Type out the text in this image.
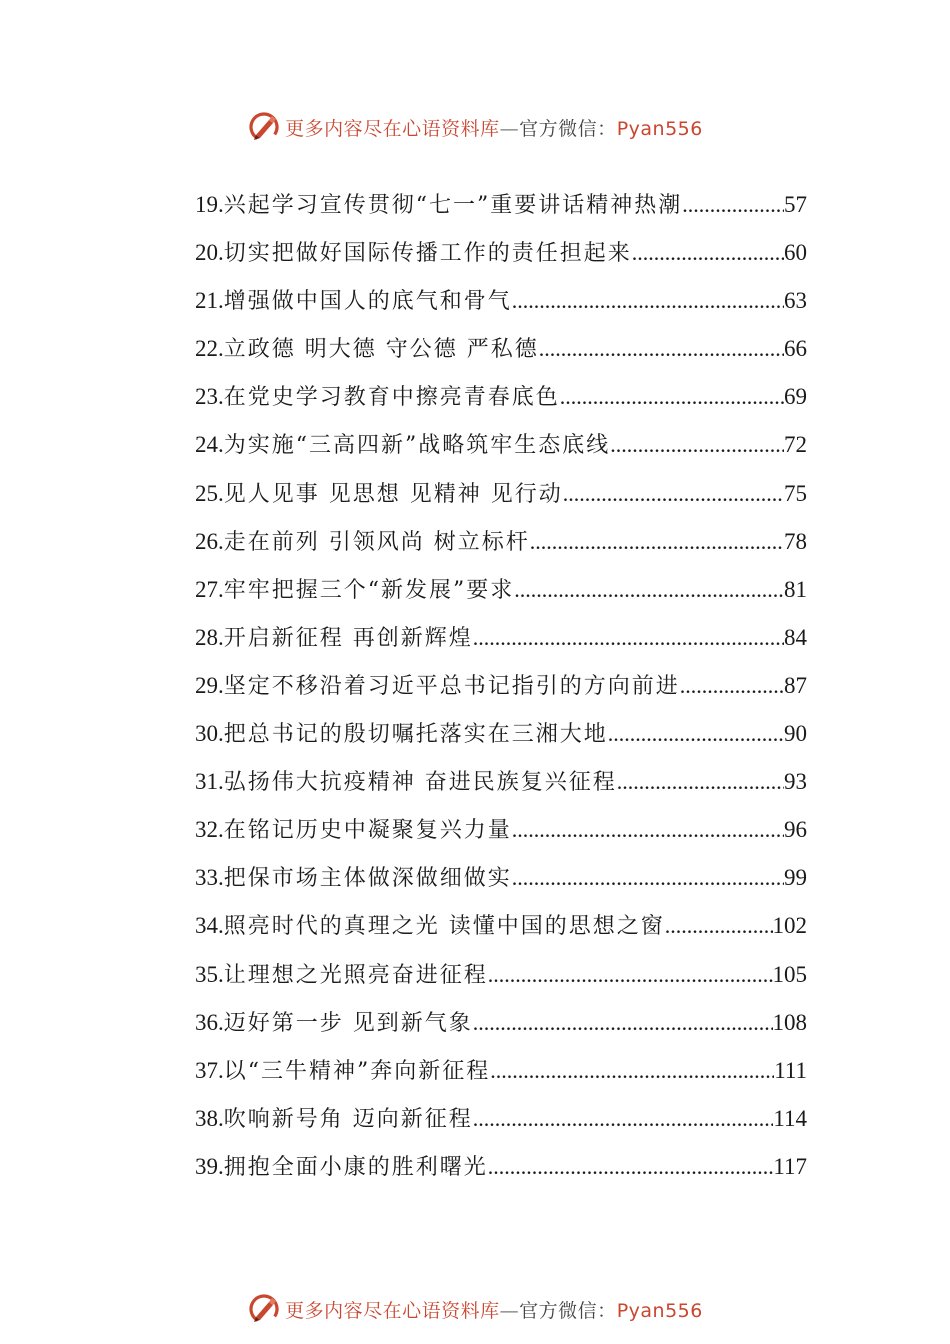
更多内容尽在心语资料库—官方微信：Pyan556
19. 兴起学习宣传贯彻“七一”重要讲话精神热潮 .....	57
20. 切实把做好国际传播工作的责任担起来 .....	60
21. 增强做中国人的底气和骨气 .....	63
22. 立政德 明大德 守公德 严私德 .....	66
23. 在党史学习教育中擦亮青春底色 .....	69
24. 为实施“三高四新”战略筑牢生态底线 .....	72
25. 见人见事 见思想 见精神 见行动 .....	75
26. 走在前列 引领风尚 树立标杆 .....	78
27. 牢牢把握三个“新发展”要求 .....	81
28. 开启新征程 再创新辉煌 .....	84
29. 坚定不移沿着习近平总书记指引的方向前进 .....	87
30. 把总书记的殷切嘱托落实在三湘大地 .....	90
31. 弘扬伟大抗疫精神 奋进民族复兴征程 .....	93
32. 在铭记历史中凝聚复兴力量 .....	96
33. 把保市场主体做深做细做实 .....	99
34. 照亮时代的真理之光 读懂中国的思想之窗 .....	102
35. 让理想之光照亮奋进征程 .....	105
36. 迈好第一步 见到新气象 .....	108
37. 以“三牛精神”奔向新征程 .....	111
38. 吹响新号角 迈向新征程 .....	114
39. 拥抱全面小康的胜利曙光 .....	117
更多内容尽在心语资料库—官方微信：Pyan556
